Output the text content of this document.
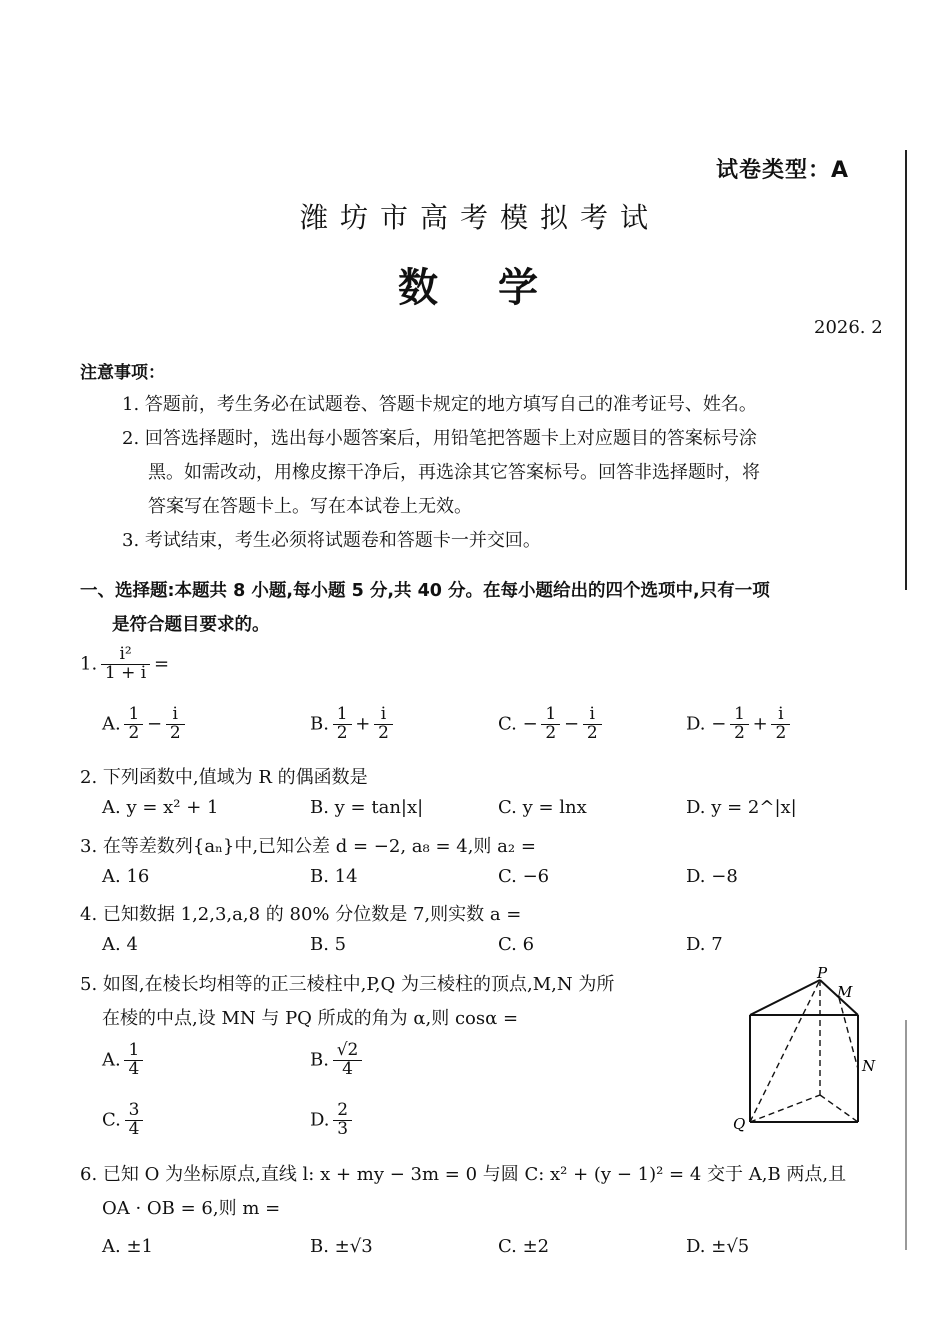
试卷类型：A
潍坊市高考模拟考试
数学
2026. 2
注意事项：
1. 答题前，考生务必在试题卷、答题卡规定的地方填写自己的准考证号、姓名。
2. 回答选择题时，选出每小题答案后，用铅笔把答题卡上对应题目的答案标号涂
黑。如需改动，用橡皮擦干净后，再选涂其它答案标号。回答非选择题时，将
答案写在答题卡上。写在本试卷上无效。
3. 考试结束，考生必须将试题卷和答题卡一并交回。
一、选择题:本题共 8 小题,每小题 5 分,共 40 分。在每小题给出的四个选项中,只有一项
是符合题目要求的。
1. $\frac{\text{i²}}{1 + i}$ =
A. $\frac{1}{2} - \frac{i}{2}$	B. $\frac{1}{2} + \frac{i}{2}$	C. − $\frac{1}{2} - \frac{i}{2}$	D. − $\frac{1}{2} + \frac{i}{2}$
2. 下列函数中,值域为 R 的偶函数是
A. y = x² + 1	B. y = tan|x|	C. y = lnx	D. y = 2^|x|
3. 在等差数列{aₙ}中,已知公差 d = −2, a₈ = 4,则 a₂ =
A. 16	B. 14	C. −6	D. −8
4. 已知数据 1,2,3,a,8 的 80% 分位数是 7,则实数 a =
A. 4	B. 5	C. 6	D. 7
5. 如图,在棱长均相等的正三棱柱中,P,Q 为三棱柱的顶点,M,N 为所
在棱的中点,设 MN 与 PQ 所成的角为 α,则 cosα =
A. $\frac{1}{4}$	B. $\frac{√2}{4}$
C. $\frac{3}{4}$	D. $\frac{2}{3}$
P
M
N
Q
6. 已知 O 为坐标原点,直线 l: x + my − 3m = 0 与圆 C: x² + (y − 1)² = 4 交于 A,B 两点,且
OA · OB = 6,则 m =
A. ±1	B. ±√3	C. ±2	D. ±√5
